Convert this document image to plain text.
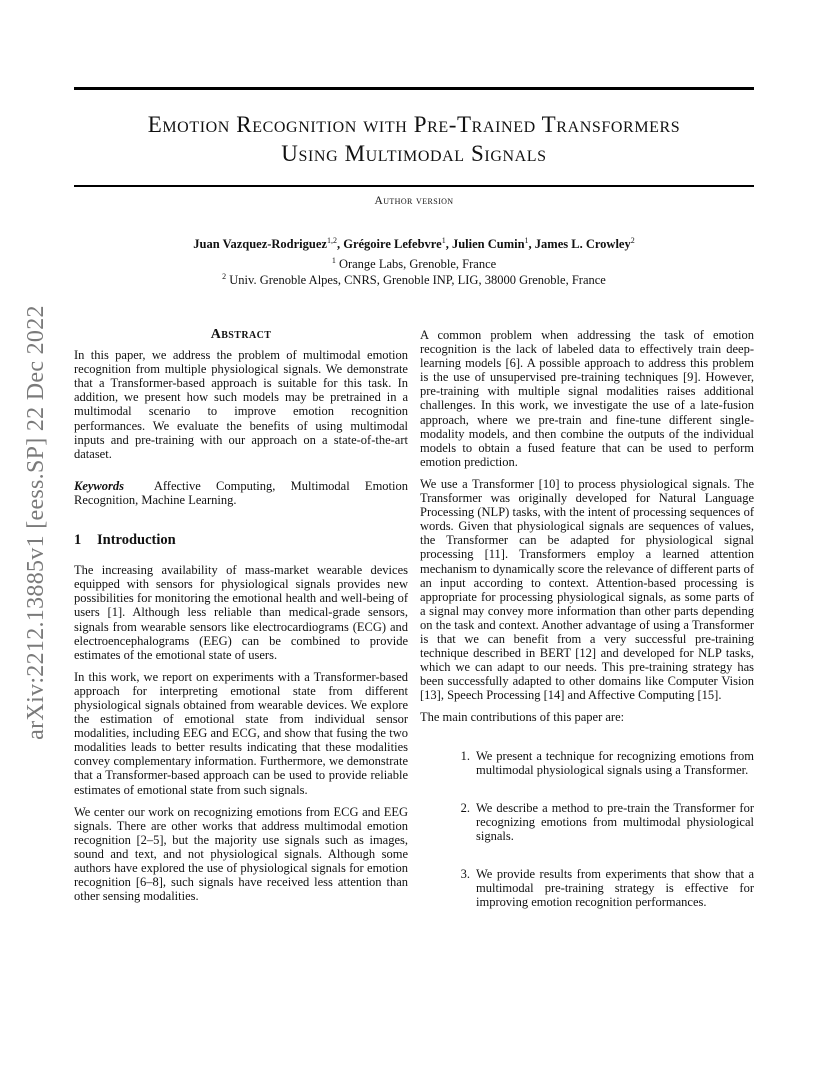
arXiv:2212.13885v1 [eess.SP] 22 Dec 2022
Emotion Recognition with Pre-Trained Transformers
Using Multimodal Signals
Author version
Juan Vazquez-Rodriguez$^{1,2}$, Grégoire Lefebvre$^1$, Julien Cumin$^1$, James L. Crowley$^2$
$^1$ Orange Labs, Grenoble, France
$^2$ Univ. Grenoble Alpes, CNRS, Grenoble INP, LIG, 38000 Grenoble, France
Abstract

In this paper, we address the problem of multimodal emotion recognition from multiple physiological signals. We demonstrate that a Transformer-based approach is suitable for this task. In addition, we present how such models may be pretrained in a multimodal scenario to improve emotion recognition performances. We evaluate the benefits of using multimodal inputs and pre-training with our approach on a state-of-the-art dataset.

Keywords Affective Computing, Multimodal Emotion Recognition, Machine Learning.

1 Introduction

The increasing availability of mass-market wearable devices equipped with sensors for physiological signals provides new possibilities for monitoring the emotional health and well-being of users [1]. Although less reliable than medical-grade sensors, signals from wearable sensors like electrocardiograms (ECG) and electroencephalograms (EEG) can be combined to provide estimates of the emotional state of users.

In this work, we report on experiments with a Transformer-based approach for interpreting emotional state from different physiological signals obtained from wearable devices. We explore the estimation of emotional state from individual sensor modalities, including EEG and ECG, and show that fusing the two modalities leads to better results indicating that these modalities convey complementary information. Furthermore, we demonstrate that a Transformer-based approach can be used to provide reliable estimates of emotional state from such signals.

We center our work on recognizing emotions from ECG and EEG signals. There are other works that address multimodal emotion recognition [2–5], but the majority use signals such as images, sound and text, and not physiological signals. Although some authors have explored the use of physiological signals for emotion recognition [6–8], such signals have received less attention than other sensing modalities.

A common problem when addressing the task of emotion recognition is the lack of labeled data to effectively train deep-learning models [6]. A possible approach to address this problem is the use of unsupervised pre-training techniques [9]. However, pre-training with multiple signal modalities raises additional challenges. In this work, we investigate the use of a late-fusion approach, where we pre-train and fine-tune different single-modality models, and then combine the outputs of the individual models to obtain a fused feature that can be used to perform emotion prediction.

We use a Transformer [10] to process physiological signals. The Transformer was originally developed for Natural Language Processing (NLP) tasks, with the intent of processing sequences of words. Given that physiological signals are sequences of values, the Transformer can be adapted for physiological signal processing [11]. Transformers employ a learned attention mechanism to dynamically score the relevance of different parts of an input according to context. Attention-based processing is appropriate for processing physiological signals, as some parts of a signal may convey more information than other parts depending on the task and context. Another advantage of using a Transformer is that we can benefit from a very successful pre-training technique described in BERT [12] and developed for NLP tasks, which we can adapt to our needs. This pre-training strategy has been successfully adapted to other domains like Computer Vision [13], Speech Processing [14] and Affective Computing [15].

The main contributions of this paper are:

1. We present a technique for recognizing emotions from multimodal physiological signals using a Transformer.
2. We describe a method to pre-train the Transformer for recognizing emotions from multimodal physiological signals.
3. We provide results from experiments that show that a multimodal pre-training strategy is effective for improving emotion recognition performances.
